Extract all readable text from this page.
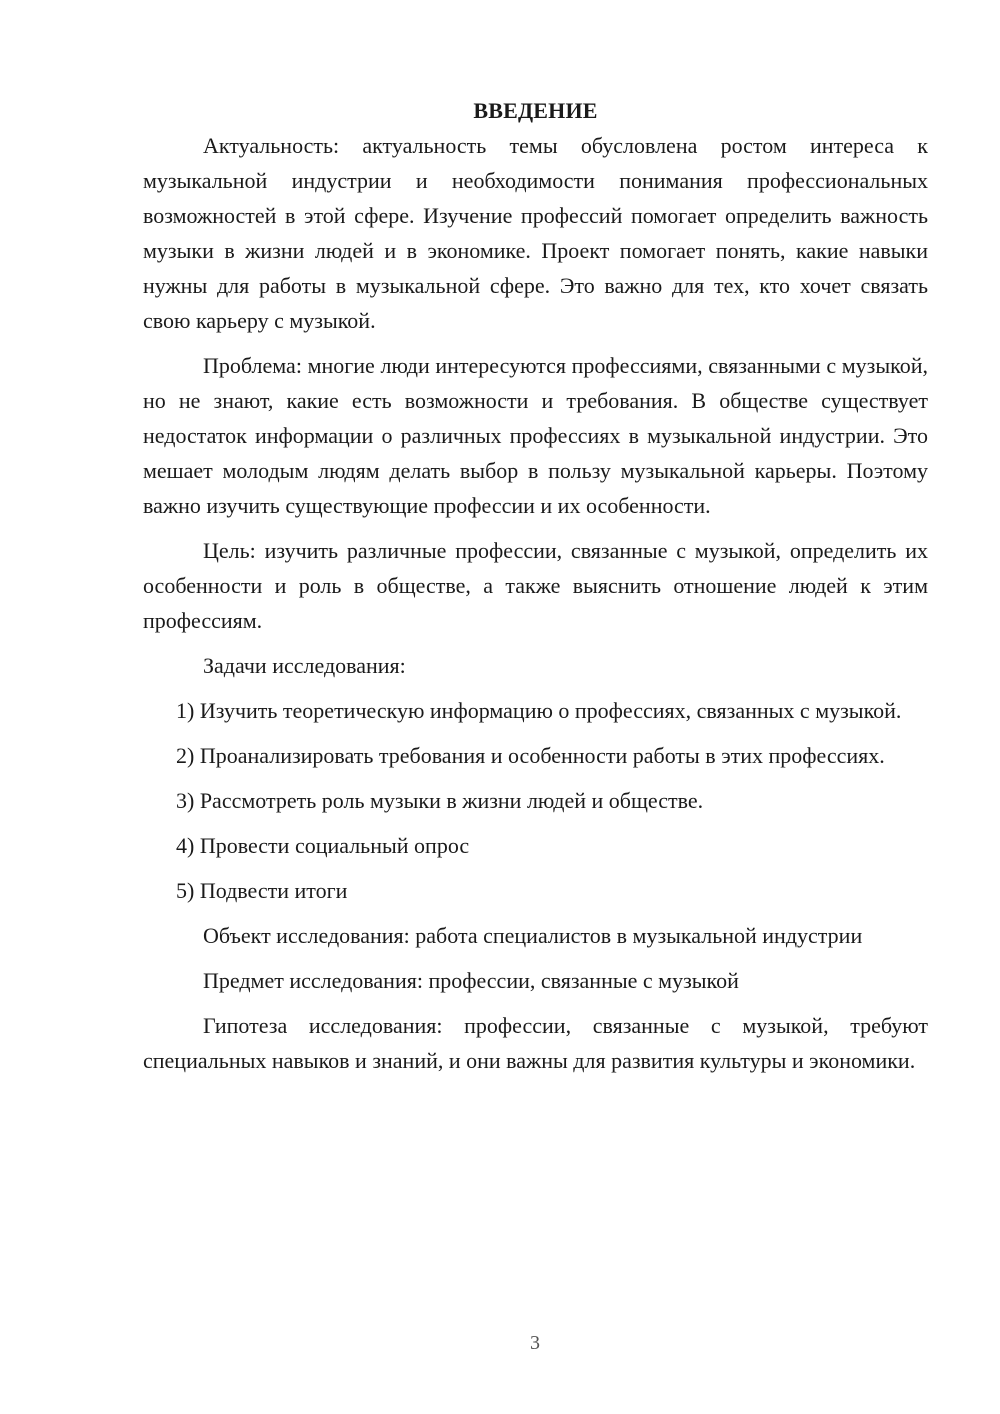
ВВЕДЕНИЕ

Актуальность: актуальность темы обусловлена ростом интереса к музыкальной индустрии и необходимости понимания профессиональных возможностей в этой сфере. Изучение профессий помогает определить важность музыки в жизни людей и в экономике. Проект помогает понять, какие навыки нужны для работы в музыкальной сфере. Это важно для тех, кто хочет связать свою карьеру с музыкой.

Проблема: многие люди интересуются профессиями, связанными с музыкой, но не знают, какие есть возможности и требования. В обществе существует недостаток информации о различных профессиях в музыкальной индустрии. Это мешает молодым людям делать выбор в пользу музыкальной карьеры. Поэтому важно изучить существующие профессии и их особенности.

Цель: изучить различные профессии, связанные с музыкой, определить их особенности и роль в обществе, а также выяснить отношение людей к этим профессиям.

Задачи исследования:

1) Изучить теоретическую информацию о профессиях, связанных с музыкой.

2) Проанализировать требования и особенности работы в этих профессиях.

3) Рассмотреть роль музыки в жизни людей и обществе.

4) Провести социальный опрос

5) Подвести итоги

Объект исследования: работа специалистов в музыкальной индустрии

Предмет исследования: профессии, связанные с музыкой

Гипотеза исследования: профессии, связанные с музыкой, требуют специальных навыков и знаний, и они важны для развития культуры и экономики.

3
